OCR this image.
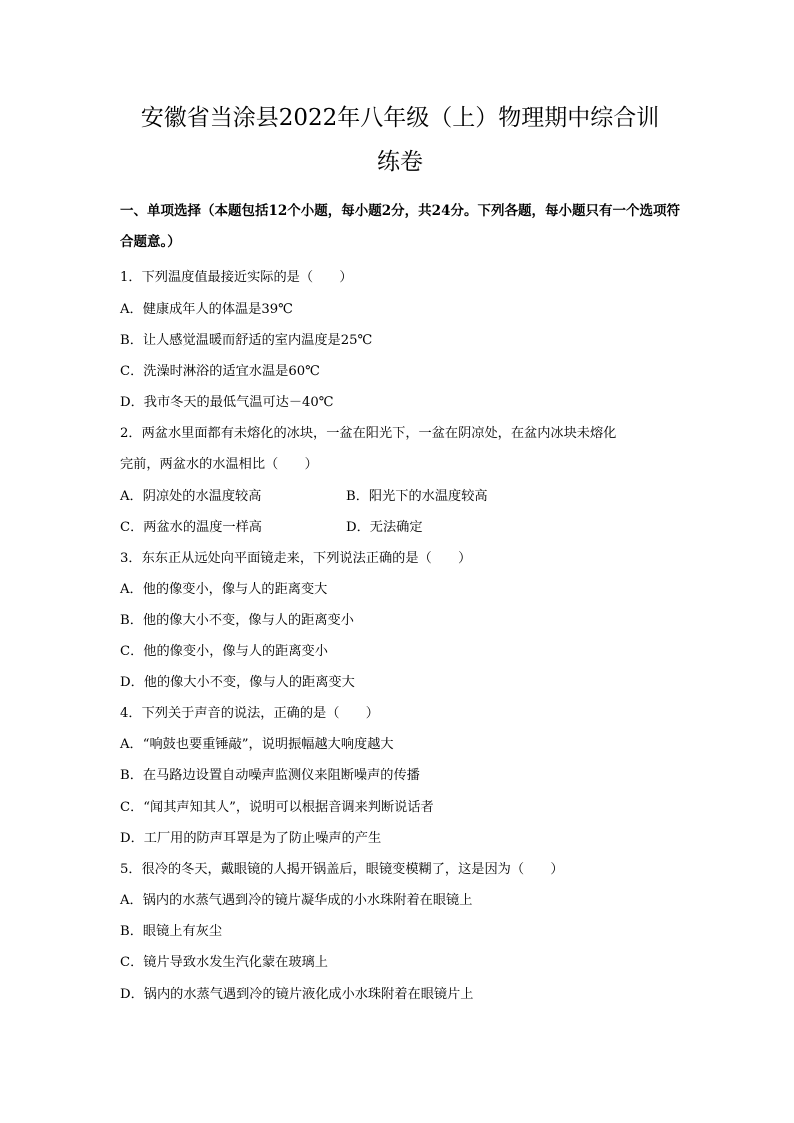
安徽省当涂县2022年八年级（上）物理期中综合训
练卷
一、单项选择（本题包括12个小题，每小题2分，共24分。下列各题，每小题只有一个选项符合题意。）
1．下列温度值最接近实际的是（　　）
A．健康成年人的体温是39℃
B．让人感觉温暖而舒适的室内温度是25℃
C．洗澡时淋浴的适宜水温是60℃
D．我市冬天的最低气温可达－40℃
2．两盆水里面都有未熔化的冰块，一盆在阳光下，一盆在阴凉处，在盆内冰块未熔化
完前，两盆水的水温相比（　　）
A．阴凉处的水温度较高	B．阳光下的水温度较高
C．两盆水的温度一样高	D．无法确定
3．东东正从远处向平面镜走来，下列说法正确的是（　　）
A．他的像变小，像与人的距离变大
B．他的像大小不变，像与人的距离变小
C．他的像变小，像与人的距离变小
D．他的像大小不变，像与人的距离变大
4．下列关于声音的说法，正确的是（　　）
A．“响鼓也要重锤敲”，说明振幅越大响度越大
B．在马路边设置自动噪声监测仪来阻断噪声的传播
C．“闻其声知其人”，说明可以根据音调来判断说话者
D．工厂用的防声耳罩是为了防止噪声的产生
5．很冷的冬天，戴眼镜的人揭开锅盖后，眼镜变模糊了，这是因为（　　）
A．锅内的水蒸气遇到冷的镜片凝华成的小水珠附着在眼镜上
B．眼镜上有灰尘
C．镜片导致水发生汽化蒙在玻璃上
D．锅内的水蒸气遇到冷的镜片液化成小水珠附着在眼镜片上
